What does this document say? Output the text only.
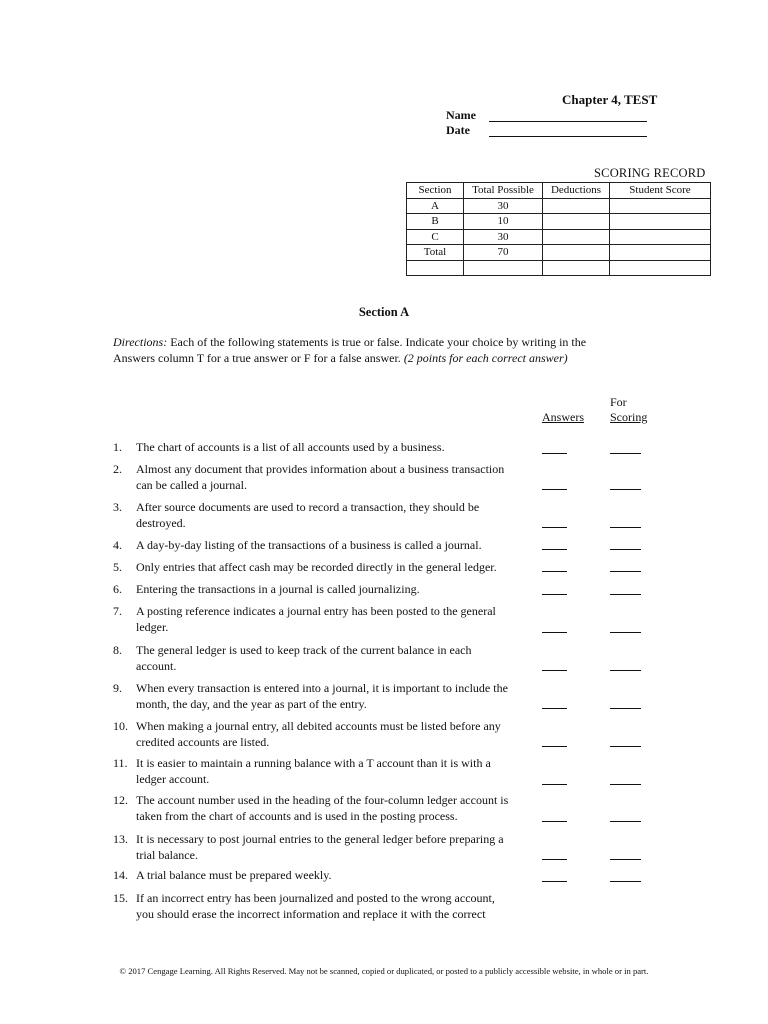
Chapter 4, TEST
Name
Date
SCORING RECORD
Section	Total Possible	Deductions	Student Score
A	30		
B	10		
C	30		
Total	70		

Section A
Directions: Each of the following statements is true or false. Indicate your choice by writing in the Answers column T for a true answer or F for a false answer. (2 points for each correct answer)
For
Answers Scoring
1.	The chart of accounts is a list of all accounts used by a business.
2.	Almost any document that provides information about a business transaction can be called a journal.
3.	After source documents are used to record a transaction, they should be destroyed.
4.	A day-by-day listing of the transactions of a business is called a journal.
5.	Only entries that affect cash may be recorded directly in the general ledger.
6.	Entering the transactions in a journal is called journalizing.
7.	A posting reference indicates a journal entry has been posted to the general ledger.
8.	The general ledger is used to keep track of the current balance in each account.
9.	When every transaction is entered into a journal, it is important to include the month, the day, and the year as part of the entry.
10. When making a journal entry, all debited accounts must be listed before any credited accounts are listed.
11. It is easier to maintain a running balance with a T account than it is with a ledger account.
12. The account number used in the heading of the four-column ledger account is taken from the chart of accounts and is used in the posting process.
13. It is necessary to post journal entries to the general ledger before preparing a trial balance.
14. A trial balance must be prepared weekly.
15. If an incorrect entry has been journalized and posted to the wrong account, you should erase the incorrect information and replace it with the correct
© 2017 Cengage Learning. All Rights Reserved. May not be scanned, copied or duplicated, or posted to a publicly accessible website, in whole or in part.
